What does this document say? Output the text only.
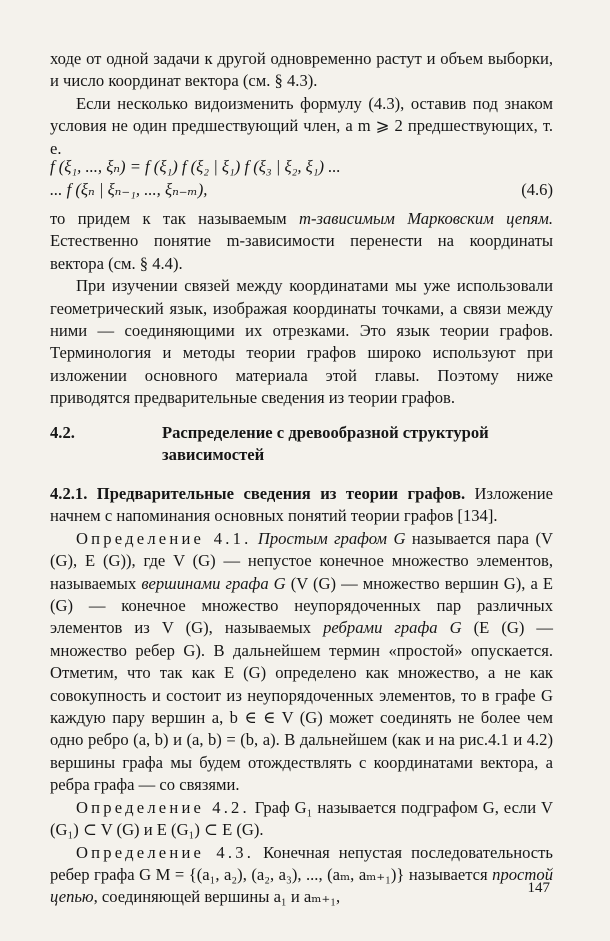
ходе от одной задачи к другой одновременно растут и объем выборки, и число координат вектора (см. § 4.3).

Если несколько видоизменить формулу (4.3), оставив под знаком условия не один предшествующий член, а m ⩾ 2 предшествующих, т. е.

f (ξ₁, ..., ξₙ) = f (ξ₁) f (ξ₂ | ξ₁) f (ξ₃ | ξ₂, ξ₁) ...
... f (ξₙ | ξₙ₋₁, ..., ξₙ₋ₘ),	(4.6)

то придем к так называемым m-зависимым Марковским цепям. Естественно понятие m-зависимости перенести на координаты вектора (см. § 4.4).

При изучении связей между координатами мы уже использовали геометрический язык, изображая координаты точками, а связи между ними — соединяющими их отрезками. Это язык теории графов. Терминология и методы теории графов широко используют при изложении основного материала этой главы. Поэтому ниже приводятся предварительные сведения из теории графов.

4.2.	Распределение с древообразной структурой зависимостей

4.2.1. Предварительные сведения из теории графов. Изложение начнем с напоминания основных понятий теории графов [134].

Определение 4.1. Простым графом G называется пара (V (G), E (G)), где V (G) — непустое конечное множество элементов, называемых вершинами графа G (V (G) — множество вершин G), а E (G) — конечное множество неупорядоченных пар различных элементов из V (G), называемых ребрами графа G (E (G) — множество ребер G). В дальнейшем термин «простой» опускается. Отметим, что так как E (G) определено как множество, а не как совокупность и состоит из неупорядоченных элементов, то в графе G каждую пару вершин a, b ∈ ∈ V (G) может соединять не более чем одно ребро (a, b) и (a, b) = (b, a). В дальнейшем (как и на рис.4.1 и 4.2) вершины графа мы будем отождествлять с координатами вектора, а ребра графа — со связями.

Определение 4.2. Граф G₁ называется подграфом G, если V (G₁) ⊂ V (G) и E (G₁) ⊂ E (G).

Определение 4.3. Конечная непустая последовательность ребер графа G M = {(a₁, a₂), (a₂, a₃), ..., (aₘ, aₘ₊₁)} называется простой цепью, соединяющей вершины a₁ и aₘ₊₁,	147
